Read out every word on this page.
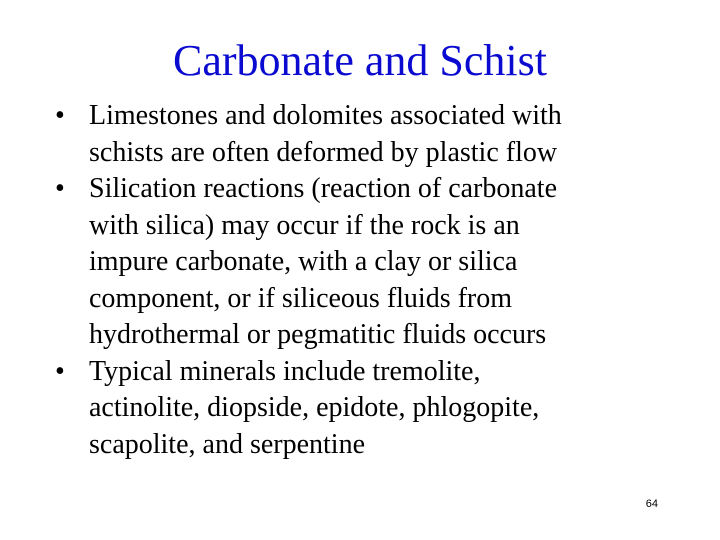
Carbonate and Schist
• Limestones and dolomites associated with
schists are often deformed by plastic flow
• Silication reactions (reaction of carbonate
with silica) may occur if the rock is an
impure carbonate, with a clay or silica
component, or if siliceous fluids from
hydrothermal or pegmatitic fluids occurs
• Typical minerals include tremolite,
actinolite, diopside, epidote, phlogopite,
scapolite, and serpentine
64
